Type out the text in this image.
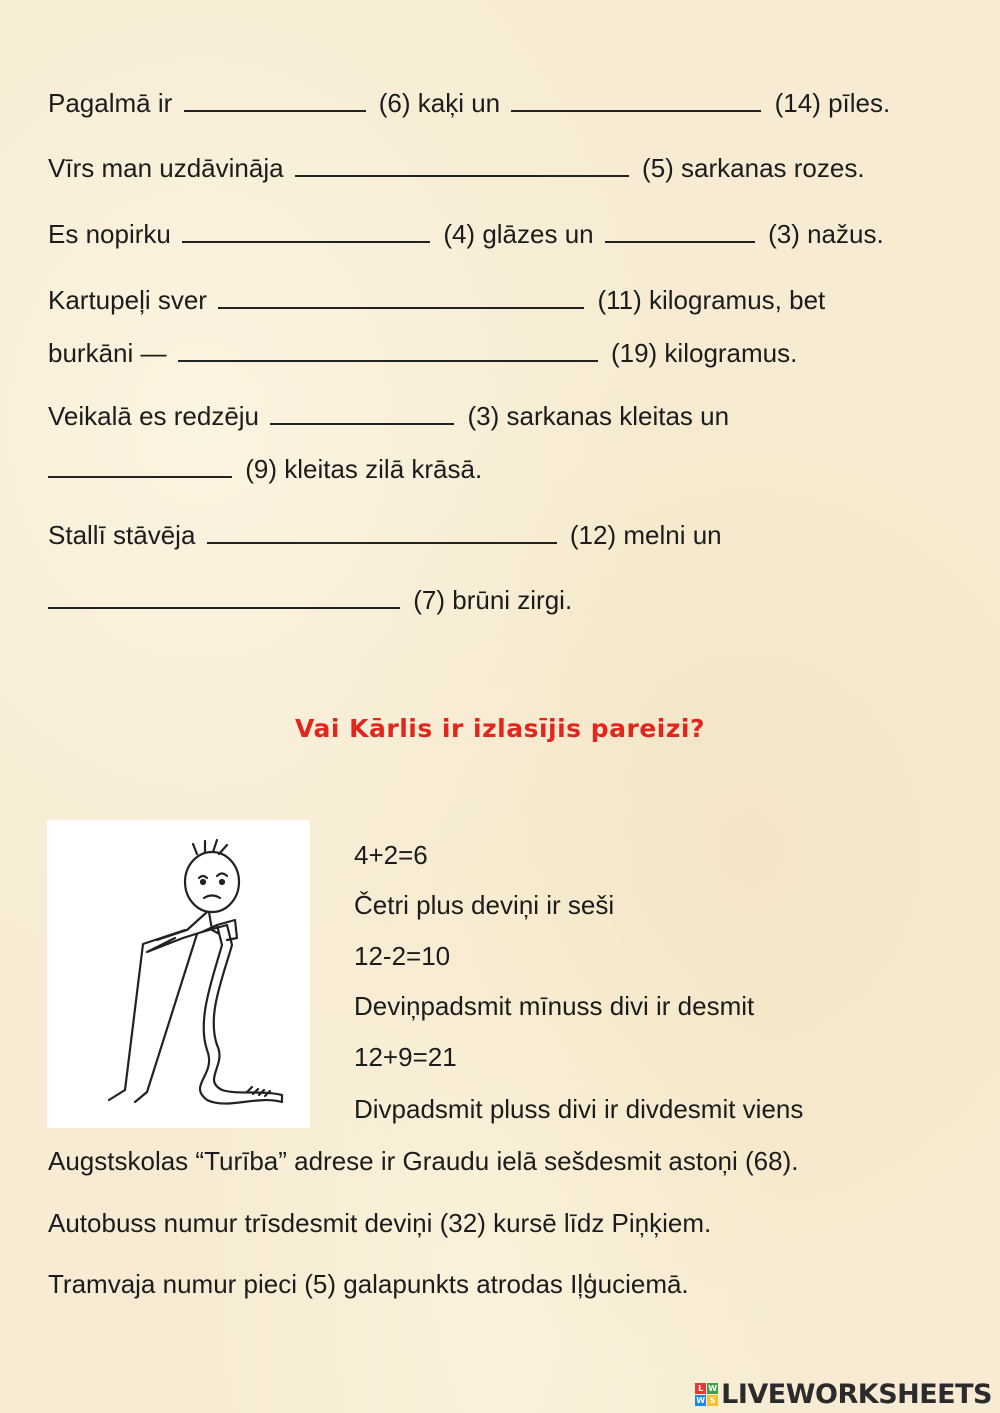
Pagalmā ir	(6) kaķi un	(14) pīles.
Vīrs man uzdāvināja	(5) sarkanas rozes.
Es nopirku	(4) glāzes un	(3) nažus.
Kartupeļi sver	(11) kilogramus, bet
burkāni —	(19) kilogramus.
Veikalā es redzēju	(3) sarkanas kleitas un
(9) kleitas zilā krāsā.
Stallī stāvēja	(12) melni un
(7) brūni zirgi.
Vai Kārlis ir izlasījis pareizi?
4+2=6
Četri plus deviņi ir seši
12-2=10
Deviņpadsmit mīnuss divi ir desmit
12+9=21
Divpadsmit pluss divi ir divdesmit viens
Augstskolas “Turība” adrese ir Graudu ielā sešdesmit astoņi (68).
Autobuss numur trīsdesmit deviņi (32) kursē līdz Piņķiem.
Tramvaja numur pieci (5) galapunkts atrodas Iļģuciemā.
L W
W S LIVEWORKSHEETS
